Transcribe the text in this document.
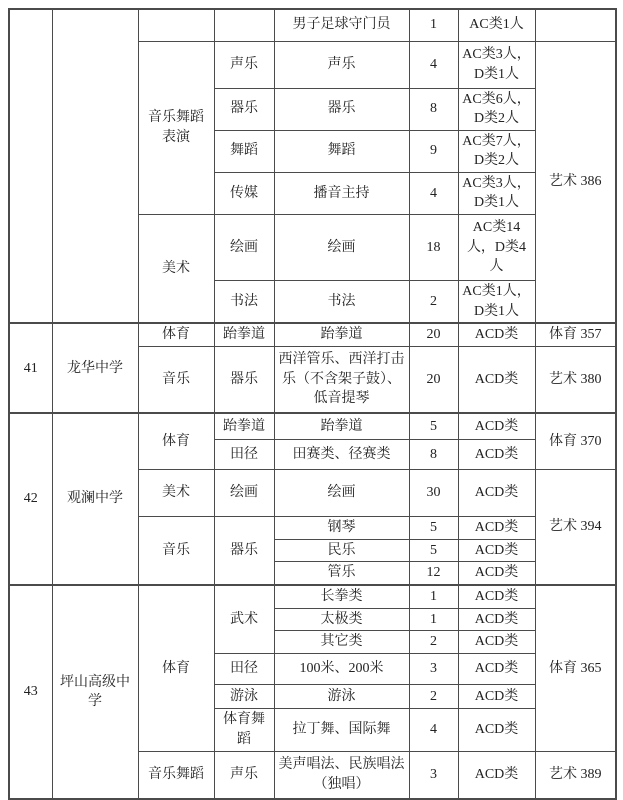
				男子足球守门员	1	AC类1人	
		音乐舞蹈表演	声乐	声乐	4	AC类3人，D类1人	艺术 386
			器乐	器乐	8	AC类6人，D类2人	
			舞蹈	舞蹈	9	AC类7人，D类2人	
			传媒	播音主持	4	AC类3人，D类1人	
		美术	绘画	绘画	18	AC类14人，D类4人	
			书法	书法	2	AC类1人，D类1人	
41	龙华中学	体育	跆拳道	跆拳道	20	ACD类	体育 357
		音乐	器乐	西洋管乐、西洋打击乐（不含架子鼓）、低音提琴	20	ACD类	艺术 380
42	观澜中学	体育	跆拳道	跆拳道	5	ACD类	体育 370
			田径	田赛类、径赛类	8	ACD类	
		美术	绘画	绘画	30	ACD类	艺术 394
		音乐	器乐	钢琴	5	ACD类	
				民乐	5	ACD类	
				管乐	12	ACD类	
43	坪山高级中学	体育	武术	长拳类	1	ACD类	体育 365
				太极类	1	ACD类	
				其它类	2	ACD类	
			田径	100米、200米	3	ACD类	
			游泳	游泳	2	ACD类	
			体育舞蹈	拉丁舞、国际舞	4	ACD类	
		音乐舞蹈	声乐	美声唱法、民族唱法（独唱）	3	ACD类	艺术 389
